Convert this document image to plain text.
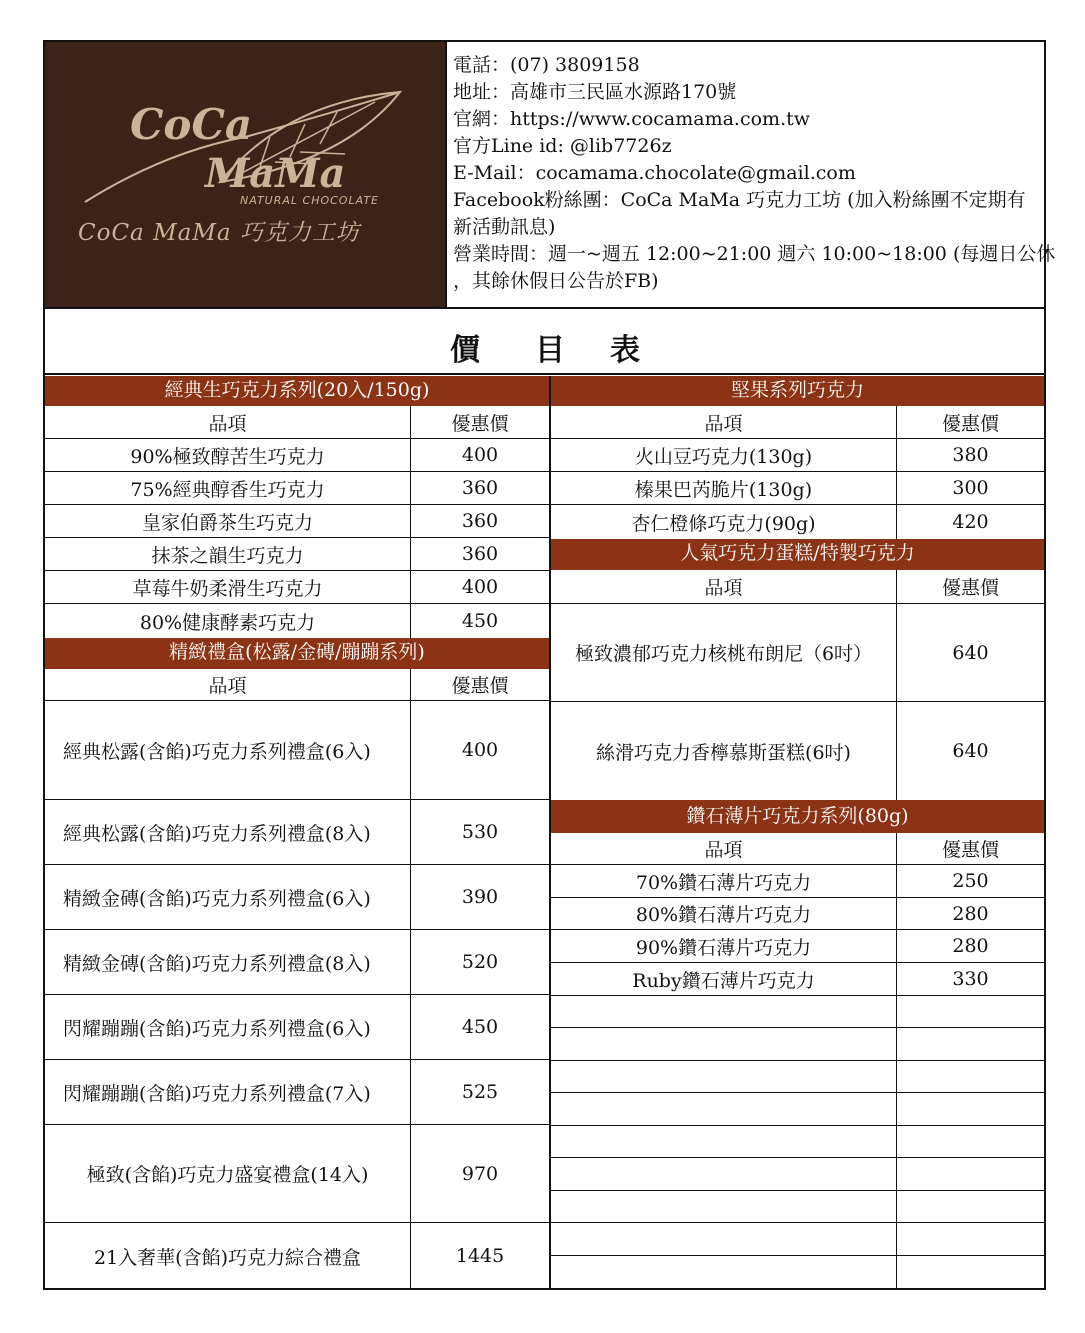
CoCa
MaMa
NATURAL CHOCOLATE
CoCa MaMa 巧克力工坊
電話：(07) 3809158
地址：高雄市三民區水源路170號
官網：https://www.cocamama.com.tw
官方Line id: @lib7726z
E-Mail：cocamama.chocolate@gmail.com
Facebook粉絲團：CoCa MaMa 巧克力工坊 (加入粉絲團不定期有
新活動訊息)
營業時間：週一~週五 12:00~21:00 週六 10:00~18:00 (每週日公休
，其餘休假日公告於FB)
價 目 表
經典生巧克力系列(20入/150g)
品項	優惠價
90%極致醇苦生巧克力	400
75%經典醇香生巧克力	360
皇家伯爵茶生巧克力	360
抹茶之韻生巧克力	360
草莓牛奶柔滑生巧克力	400
80%健康酵素巧克力	450
精緻禮盒(松露/金磚/蹦蹦系列)
品項	優惠價
經典松露(含餡)巧克力系列禮盒(6入)	400
經典松露(含餡)巧克力系列禮盒(8入)	530
精緻金磚(含餡)巧克力系列禮盒(6入)	390
精緻金磚(含餡)巧克力系列禮盒(8入)	520
閃耀蹦蹦(含餡)巧克力系列禮盒(6入)	450
閃耀蹦蹦(含餡)巧克力系列禮盒(7入)	525
極致(含餡)巧克力盛宴禮盒(14入)	970
21入奢華(含餡)巧克力綜合禮盒	1445
堅果系列巧克力
品項	優惠價
火山豆巧克力(130g)	380
榛果巴芮脆片(130g)	300
杏仁橙條巧克力(90g)	420
人氣巧克力蛋糕/特製巧克力
品項	優惠價
極致濃郁巧克力核桃布朗尼（6吋）	640
絲滑巧克力香檸慕斯蛋糕(6吋)	640
鑽石薄片巧克力系列(80g)
品項	優惠價
70%鑽石薄片巧克力	250
80%鑽石薄片巧克力	280
90%鑽石薄片巧克力	280
Ruby鑽石薄片巧克力	330
